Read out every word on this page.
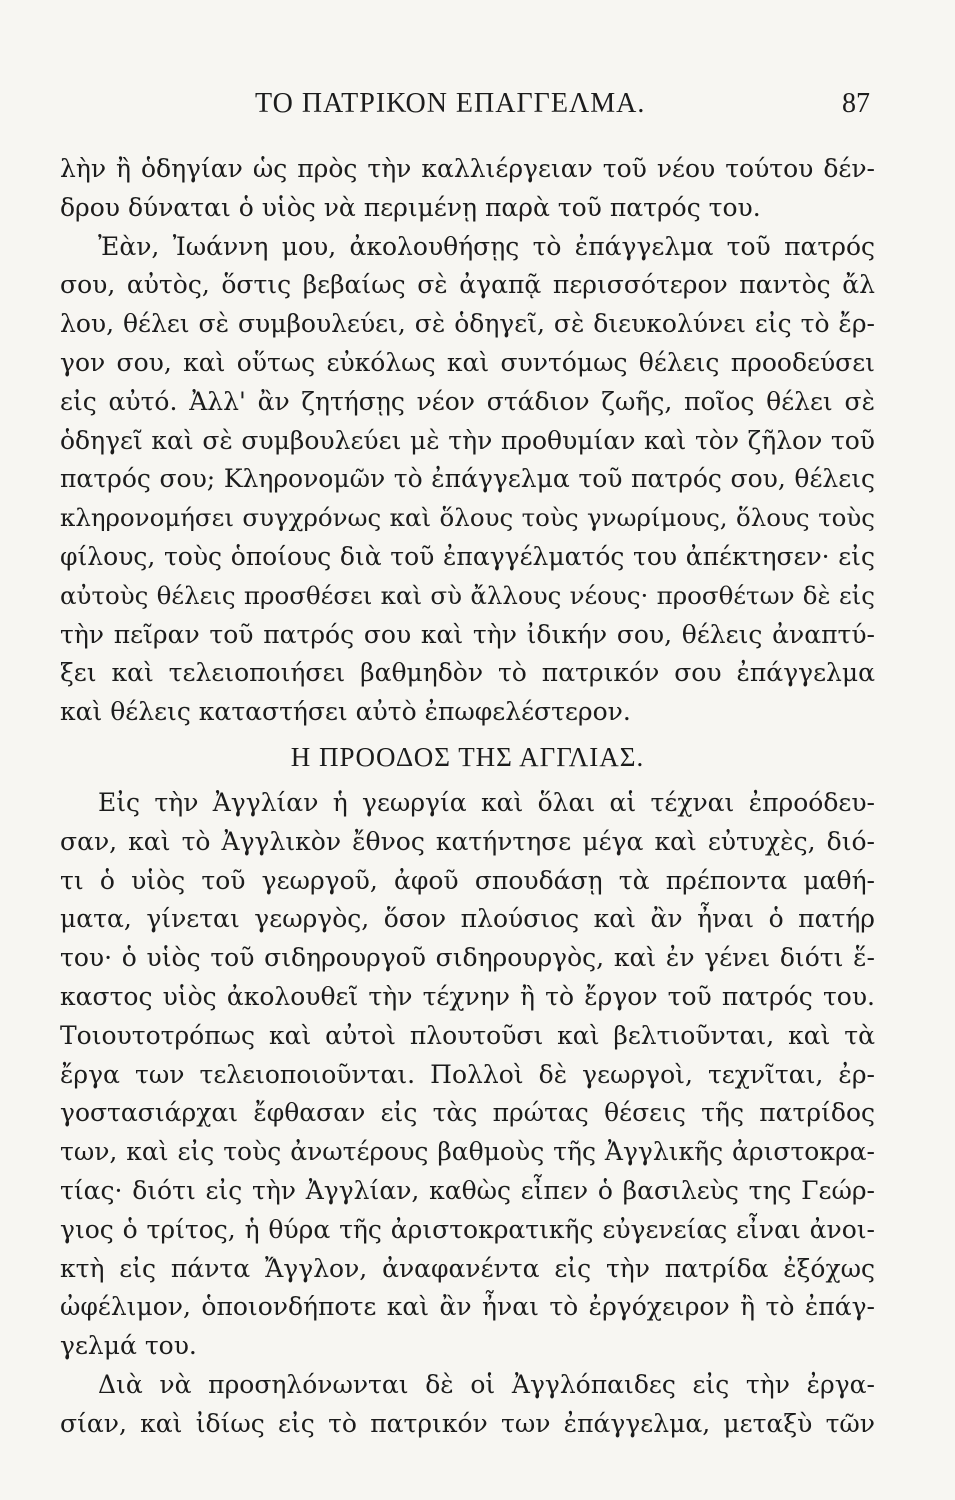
ΤΟ ΠΑΤΡΙΚΟΝ ΕΠΑΓΓΕΛΜΑ.	87
λὴν ἢ ὁδηγίαν ὡς πρὸς τὴν καλλιέργειαν τοῦ νέου τούτου δέν-
δρου δύναται ὁ υἱὸς νὰ περιμένῃ παρὰ τοῦ πατρός του.
Ἐὰν, Ἰωάννη μου, ἀκολουθήσῃς τὸ ἐπάγγελμα τοῦ πατρός
σου, αὐτὸς, ὅστις βεβαίως σὲ ἀγαπᾷ περισσότερον παντὸς ἄλ
λου, θέλει σὲ συμβουλεύει, σὲ ὁδηγεῖ, σὲ διευκολύνει εἰς τὸ ἔρ-
γον σου, καὶ οὕτως εὐκόλως καὶ συντόμως θέλεις προοδεύσει
εἰς αὐτό. Ἀλλ' ἂν ζητήσῃς νέον στάδιον ζωῆς, ποῖος θέλει σὲ
ὁδηγεῖ καὶ σὲ συμβουλεύει μὲ τὴν προθυμίαν καὶ τὸν ζῆλον τοῦ
πατρός σου; Κληρονομῶν τὸ ἐπάγγελμα τοῦ πατρός σου, θέλεις
κληρονομήσει συγχρόνως καὶ ὅλους τοὺς γνωρίμους, ὅλους τοὺς
φίλους, τοὺς ὁποίους διὰ τοῦ ἐπαγγέλματός του ἀπέκτησεν· εἰς
αὐτοὺς θέλεις προσθέσει καὶ σὺ ἄλλους νέους· προσθέτων δὲ εἰς
τὴν πεῖραν τοῦ πατρός σου καὶ τὴν ἰδικήν σου, θέλεις ἀναπτύ-
ξει καὶ τελειοποιήσει βαθμηδὸν τὸ πατρικόν σου ἐπάγγελμα
καὶ θέλεις καταστήσει αὐτὸ ἐπωφελέστερον.
Η ΠΡΟΟΔΟΣ ΤΗΣ ΑΓΓΛΙΑΣ.
Εἰς τὴν Ἀγγλίαν ἡ γεωργία καὶ ὅλαι αἱ τέχναι ἐπροόδευ-
σαν, καὶ τὸ Ἀγγλικὸν ἔθνος κατήντησε μέγα καὶ εὐτυχὲς, διό-
τι ὁ υἱὸς τοῦ γεωργοῦ, ἀφοῦ σπουδάσῃ τὰ πρέποντα μαθή-
ματα, γίνεται γεωργὸς, ὅσον πλούσιος καὶ ἂν ἦναι ὁ πατήρ
του· ὁ υἱὸς τοῦ σιδηρουργοῦ σιδηρουργὸς, καὶ ἐν γένει διότι ἕ-
καστος υἱὸς ἀκολουθεῖ τὴν τέχνην ἢ τὸ ἔργον τοῦ πατρός του.
Τοιουτοτρόπως καὶ αὐτοὶ πλουτοῦσι καὶ βελτιοῦνται, καὶ τὰ
ἔργα των τελειοποιοῦνται. Πολλοὶ δὲ γεωργοὶ, τεχνῖται, ἐρ-
γοστασιάρχαι ἔφθασαν εἰς τὰς πρώτας θέσεις τῆς πατρίδος
των, καὶ εἰς τοὺς ἀνωτέρους βαθμοὺς τῆς Ἀγγλικῆς ἀριστοκρα-
τίας· διότι εἰς τὴν Ἀγγλίαν, καθὼς εἶπεν ὁ βασιλεὺς της Γεώρ-
γιος ὁ τρίτος, ἡ θύρα τῆς ἀριστοκρατικῆς εὐγενείας εἶναι ἀνοι-
κτὴ εἰς πάντα Ἄγγλον, ἀναφανέντα εἰς τὴν πατρίδα ἐξόχως
ὠφέλιμον, ὁποιονδήποτε καὶ ἂν ἦναι τὸ ἐργόχειρον ἢ τὸ ἐπάγ-
γελμά του.
Διὰ νὰ προσηλόνωνται δὲ οἱ Ἀγγλόπαιδες εἰς τὴν ἐργα-
σίαν, καὶ ἰδίως εἰς τὸ πατρικόν των ἐπάγγελμα, μεταξὺ τῶν
